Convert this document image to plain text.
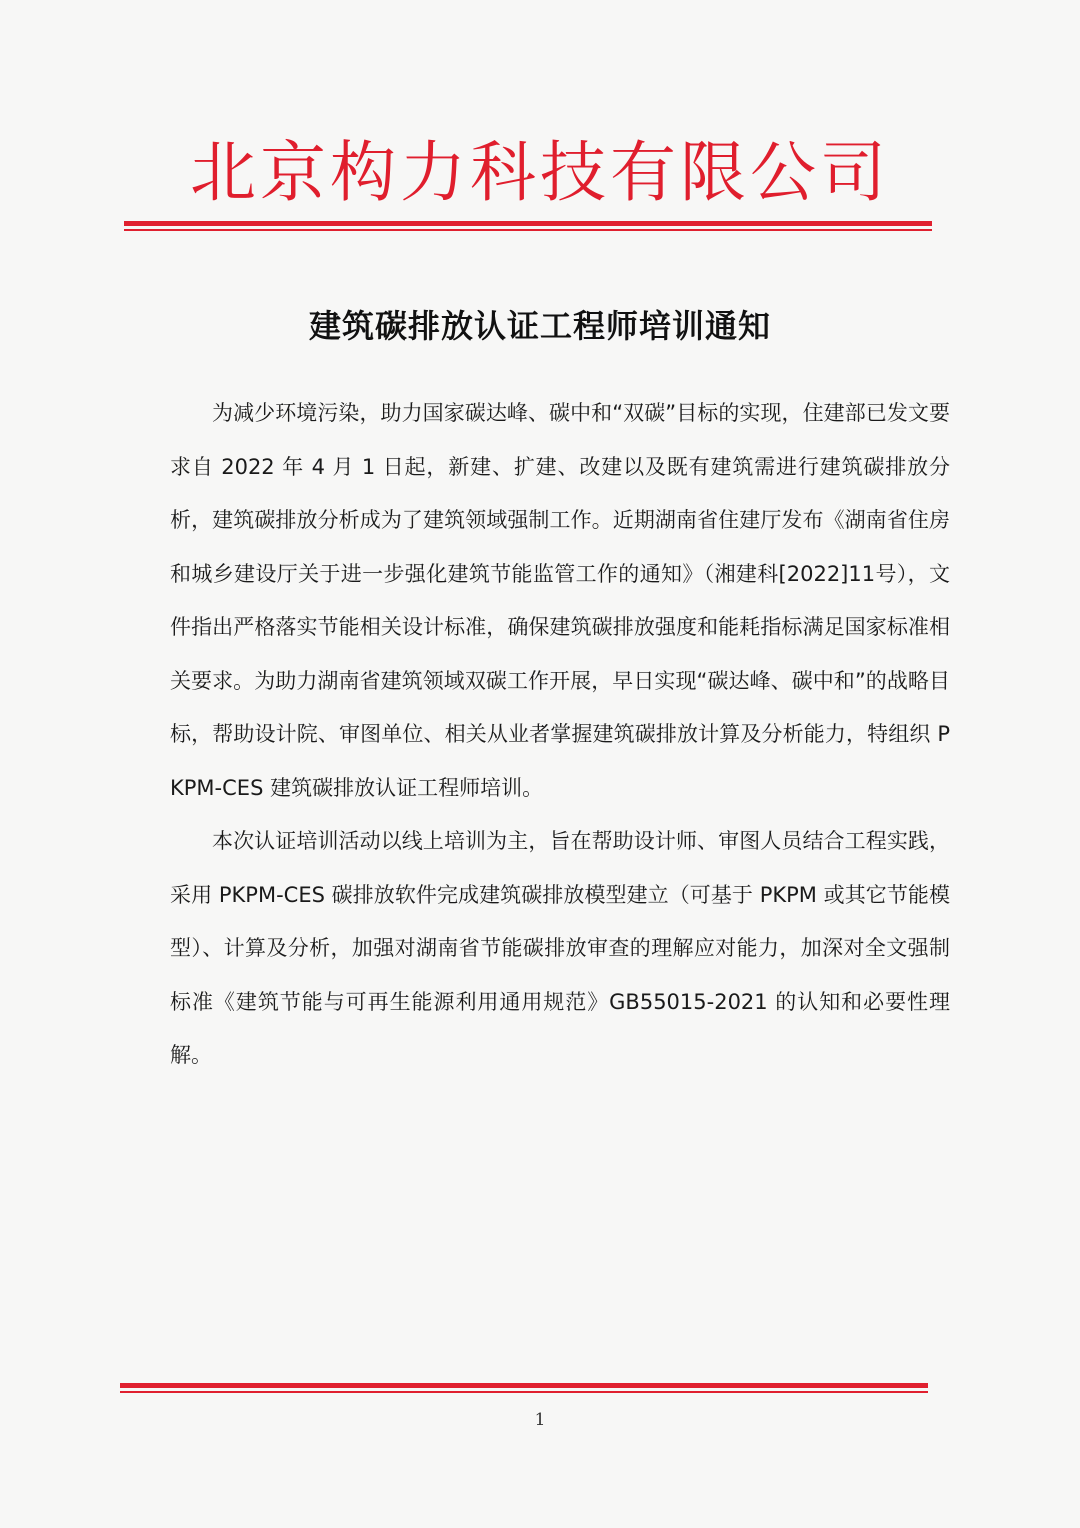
北京构力科技有限公司
建筑碳排放认证工程师培训通知

为减少环境污染，助力国家碳达峰、碳中和“双碳”目标的实现，住建部已发文要求自 2022 年 4 月 1 日起，新建、扩建、改建以及既有建筑需进行建筑碳排放分析，建筑碳排放分析成为了建筑领域强制工作。近期湖南省住建厅发布《湖南省住房和城乡建设厅关于进一步强化建筑节能监管工作的通知》（湘建科[2022]11号），文件指出严格落实节能相关设计标准，确保建筑碳排放强度和能耗指标满足国家标准相关要求。为助力湖南省建筑领域双碳工作开展，早日实现“碳达峰、碳中和”的战略目标，帮助设计院、审图单位、相关从业者掌握建筑碳排放计算及分析能力，特组织 PKPM-CES 建筑碳排放认证工程师培训。

本次认证培训活动以线上培训为主，旨在帮助设计师、审图人员结合工程实践，采用 PKPM-CES 碳排放软件完成建筑碳排放模型建立（可基于 PKPM 或其它节能模型）、计算及分析，加强对湖南省节能碳排放审查的理解应对能力，加深对全文强制标准《建筑节能与可再生能源利用通用规范》GB55015-2021 的认知和必要性理解。

1
